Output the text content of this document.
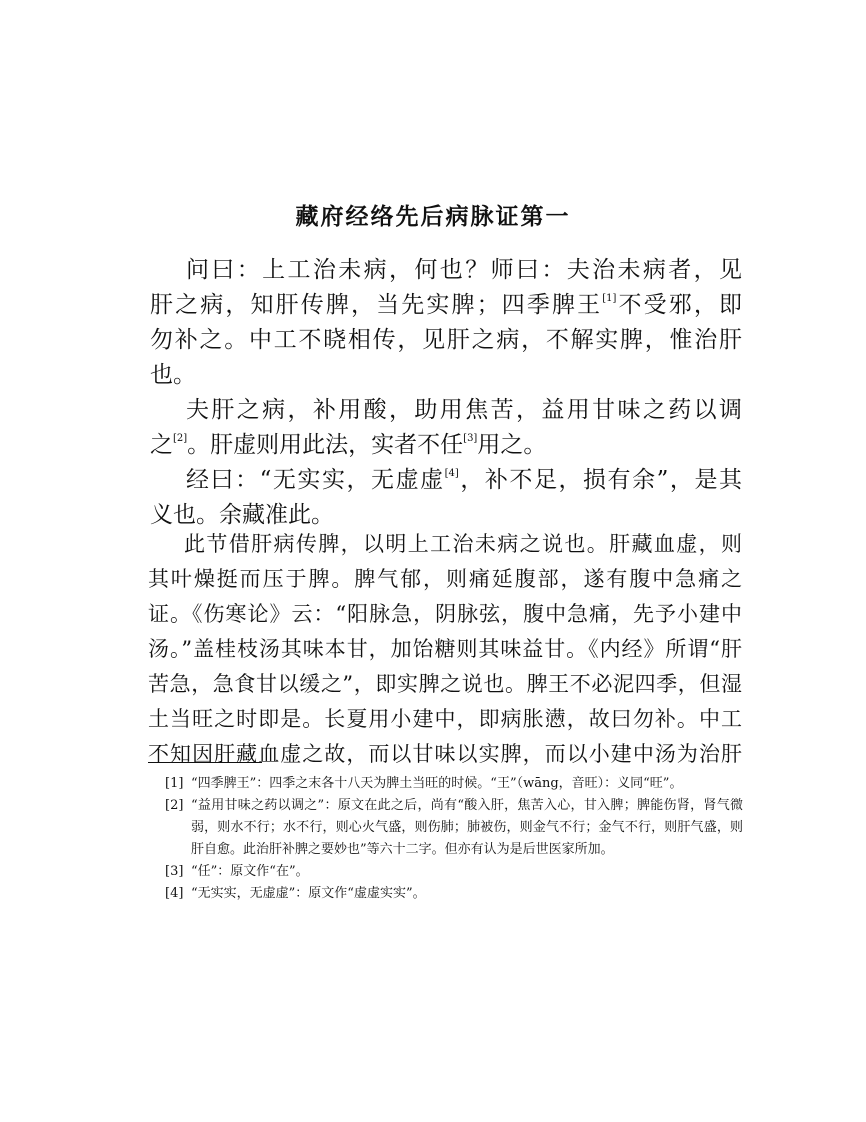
藏府经络先后病脉证第一
问曰：上工治未病，何也？师曰：夫治未病者，见
肝之病，知肝传脾，当先实脾；四季脾王[1]不受邪，即
勿补之。中工不晓相传，见肝之病，不解实脾，惟治肝
也。
夫肝之病，补用酸，助用焦苦，益用甘味之药以调
之[2]。肝虚则用此法，实者不任[3]用之。
经曰：“无实实，无虚虚[4]，补不足，损有余”，是其
义也。余藏准此。
此节借肝病传脾，以明上工治未病之说也。肝藏血虚，则
其叶燥挺而压于脾。脾气郁，则痛延腹部，遂有腹中急痛之
证。《伤寒论》云：“阳脉急，阴脉弦，腹中急痛，先予小建中
汤。”盖桂枝汤其味本甘，加饴糖则其味益甘。《内经》所谓“肝
苦急，急食甘以缓之”，即实脾之说也。脾王不必泥四季，但湿
土当旺之时即是。长夏用小建中，即病胀懑，故曰勿补。中工
不知因肝藏血虚之故，而以甘味以实脾，而以小建中汤为治肝
[1] “四季脾王”：四季之末各十八天为脾土当旺的时候。“王”（wāng，音旺）：义同“旺”。
[2] “益用甘味之药以调之”：原文在此之后，尚有“酸入肝，焦苦入心，甘入脾；脾能伤肾，肾气微弱，则水不行；水不行，则心火气盛，则伤肺；肺被伤，则金气不行；金气不行，则肝气盛，则肝自愈。此治肝补脾之要妙也”等六十二字。但亦有认为是后世医家所加。
[3] “任”：原文作“在”。
[4] “无实实，无虚虚”：原文作“虚虚实实”。
